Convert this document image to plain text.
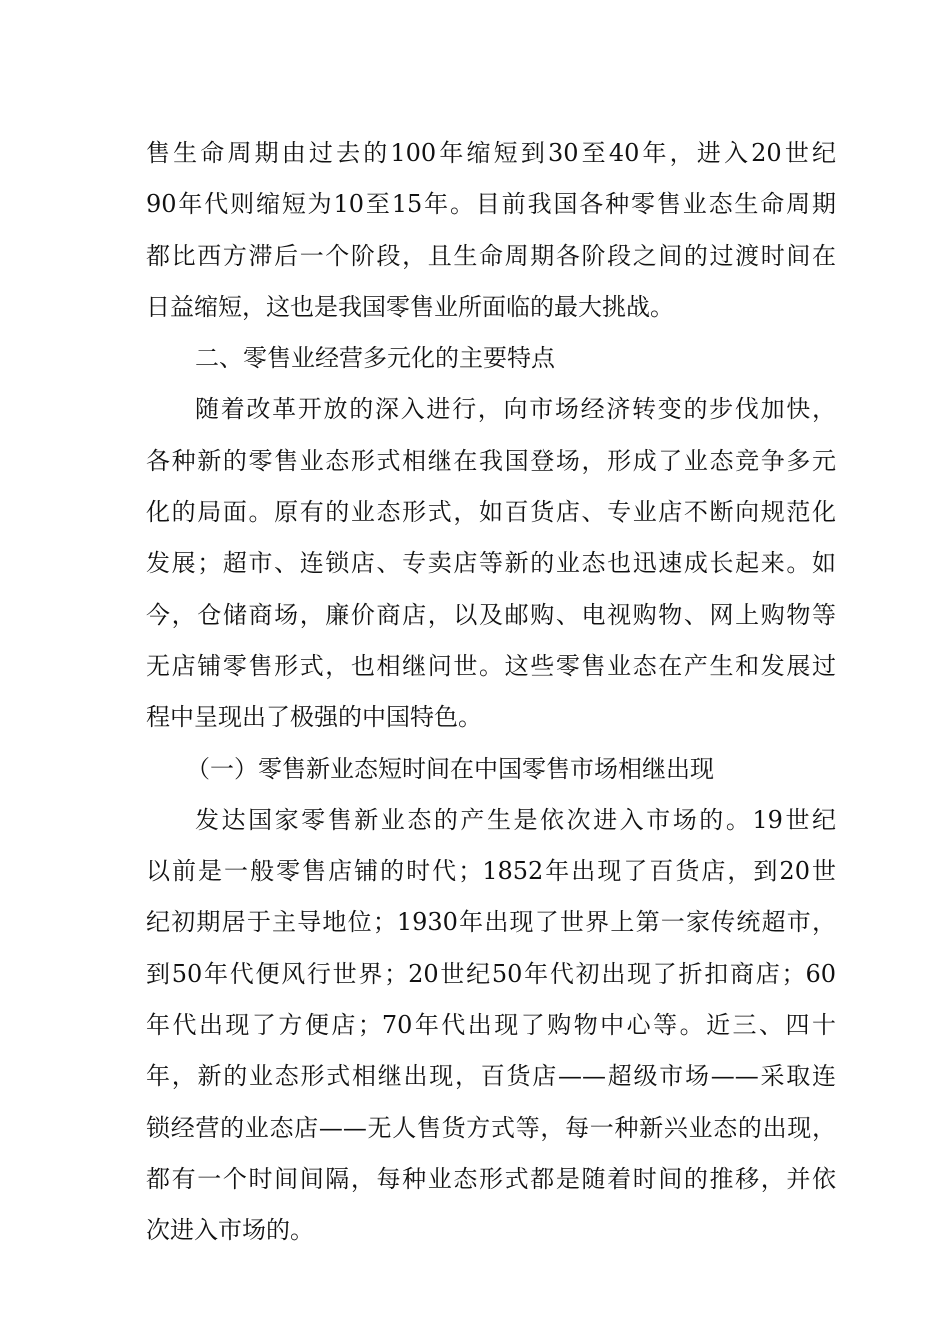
售生命周期由过去的100年缩短到30至40年，进入20世纪
90年代则缩短为10至15年。目前我国各种零售业态生命周期
都比西方滞后一个阶段，且生命周期各阶段之间的过渡时间在
日益缩短，这也是我国零售业所面临的最大挑战。
二、零售业经营多元化的主要特点
随着改革开放的深入进行，向市场经济转变的步伐加快，
各种新的零售业态形式相继在我国登场，形成了业态竞争多元
化的局面。原有的业态形式，如百货店、专业店不断向规范化
发展；超市、连锁店、专卖店等新的业态也迅速成长起来。如
今，仓储商场，廉价商店，以及邮购、电视购物、网上购物等
无店铺零售形式，也相继问世。这些零售业态在产生和发展过
程中呈现出了极强的中国特色。
（一）零售新业态短时间在中国零售市场相继出现
发达国家零售新业态的产生是依次进入市场的。19世纪
以前是一般零售店铺的时代；1852年出现了百货店，到20世
纪初期居于主导地位；1930年出现了世界上第一家传统超市，
到50年代便风行世界；20世纪50年代初出现了折扣商店；60
年代出现了方便店；70年代出现了购物中心等。近三、四十
年，新的业态形式相继出现，百货店——超级市场——采取连
锁经营的业态店——无人售货方式等，每一种新兴业态的出现，
都有一个时间间隔，每种业态形式都是随着时间的推移，并依
次进入市场的。
